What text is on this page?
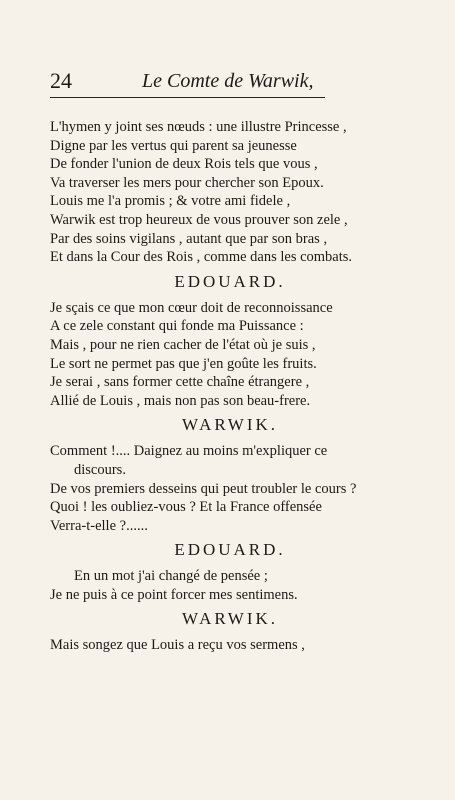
24	Le Comte de Warwik,
L'hymen y joint ses nœuds : une illustre Princesse ,
Digne par les vertus qui parent sa jeunesse
De fonder l'union de deux Rois tels que vous ,
Va traverser les mers pour chercher son Epoux.
Louis me l'a promis ; & votre ami fidele ,
Warwik est trop heureux de vous prouver son zele ,
Par des soins vigilans , autant que par son bras ,
Et dans la Cour des Rois , comme dans les combats.
EDOUARD.
Je sçais ce que mon cœur doit de reconnoissance
A ce zele constant qui fonde ma Puissance :
Mais , pour ne rien cacher de l'état où je suis ,
Le sort ne permet pas que j'en goûte les fruits.
Je serai , sans former cette chaîne étrangere ,
Allié de Louis , mais non pas son beau-frere.
WARWIK.
Comment !.... Daignez au moins m'expliquer ce
discours.
De vos premiers desseins qui peut troubler le cours ?
Quoi ! les oubliez-vous ? Et la France offensée
Verra-t-elle ?......
EDOUARD.
En un mot j'ai changé de pensée ;
Je ne puis à ce point forcer mes sentimens.
WARWIK.
Mais songez que Louis a reçu vos sermens ,
